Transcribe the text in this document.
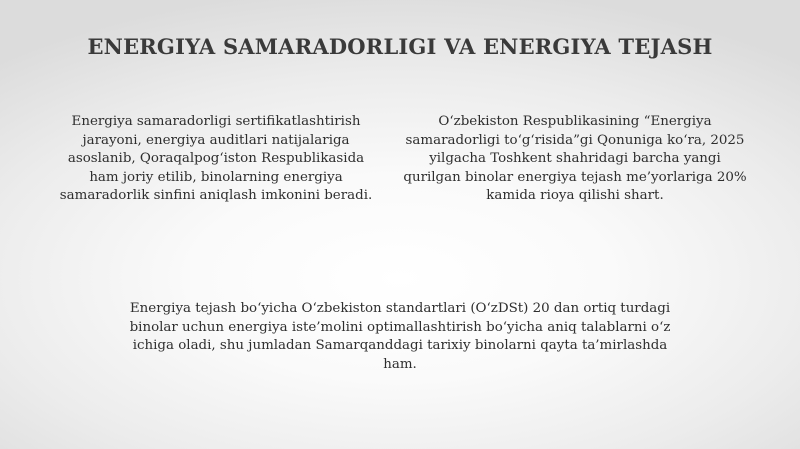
ENERGIYA SAMARADORLIGI VA ENERGIYA TEJASH
Energiya samaradorligi sertifikatlashtirish jarayoni, energiya auditlari natijalariga asoslanib, Qoraqalpog‘iston Respublikasida ham joriy etilib, binolarning energiya samaradorlik sinfini aniqlash imkonini beradi.
O‘zbekiston Respublikasining “Energiya samaradorligi to‘g‘risida”gi Qonuniga ko‘ra, 2025 yilgacha Toshkent shahridagi barcha yangi qurilgan binolar energiya tejash me’yorlariga 20% kamida rioya qilishi shart.
Energiya tejash bo‘yicha O‘zbekiston standartlari (O‘zDSt) 20 dan ortiq turdagi binolar uchun energiya iste’molini optimallashtirish bo‘yicha aniq talablarni o‘z ichiga oladi, shu jumladan Samarqanddagi tarixiy binolarni qayta ta’mirlashda ham.
